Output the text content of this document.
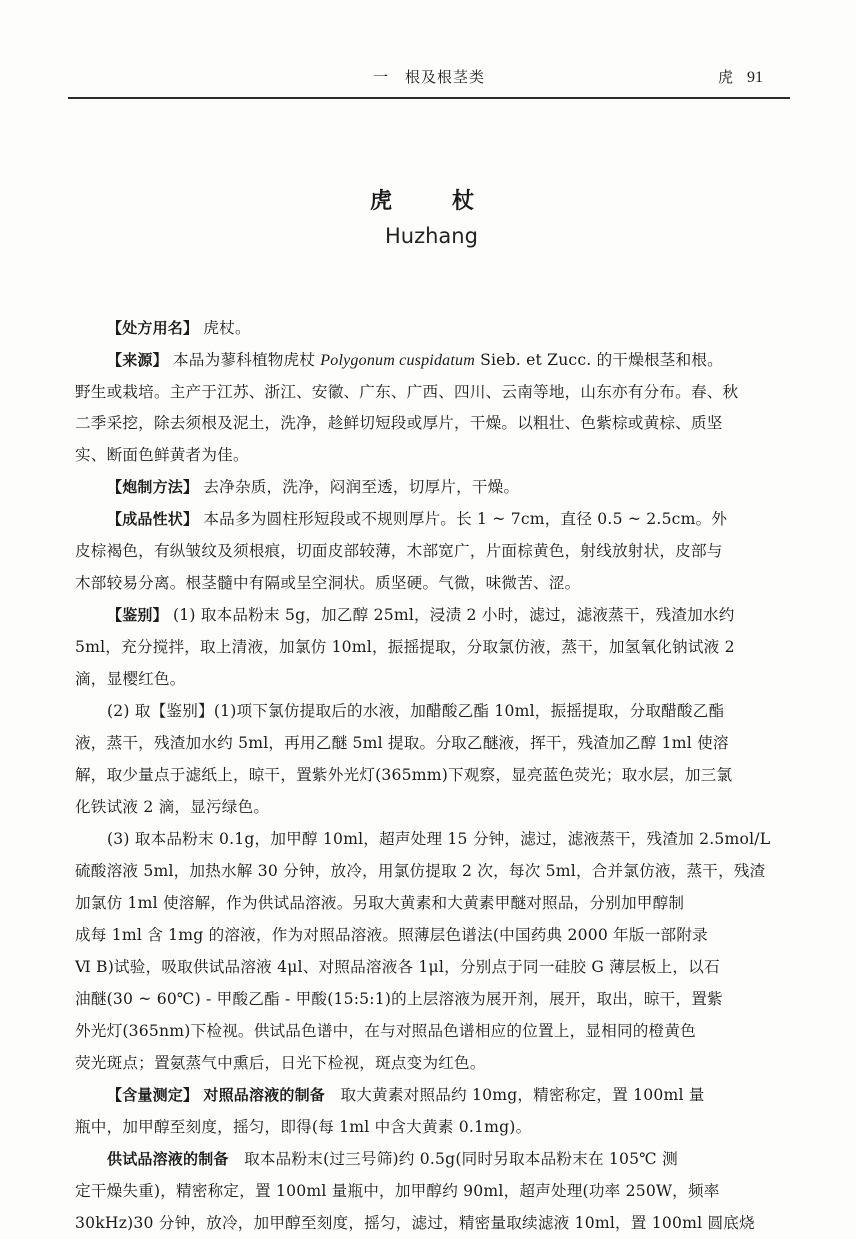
一　根及根茎类	虎 91
虎	杖
Huzhang
【处方用名】 虎杖。
【来源】 本品为蓼科植物虎杖 Polygonum cuspidatum Sieb. et Zucc. 的干燥根茎和根。
野生或栽培。主产于江苏、浙江、安徽、广东、广西、四川、云南等地，山东亦有分布。春、秋
二季采挖，除去须根及泥土，洗净，趁鲜切短段或厚片，干燥。以粗壮、色紫棕或黄棕、质坚
实、断面色鲜黄者为佳。
【炮制方法】 去净杂质，洗净，闷润至透，切厚片，干燥。
【成品性状】 本品多为圆柱形短段或不规则厚片。长 1 ~ 7cm，直径 0.5 ~ 2.5cm。外
皮棕褐色，有纵皱纹及须根痕，切面皮部较薄，木部宽广，片面棕黄色，射线放射状，皮部与
木部较易分离。根茎髓中有隔或呈空洞状。质坚硬。气微，味微苦、涩。
【鉴别】 (1) 取本品粉末 5g，加乙醇 25ml，浸渍 2 小时，滤过，滤液蒸干，残渣加水约
5ml，充分搅拌，取上清液，加氯仿 10ml，振摇提取，分取氯仿液，蒸干，加氢氧化钠试液 2
滴，显樱红色。
(2) 取【鉴别】(1)项下氯仿提取后的水液，加醋酸乙酯 10ml，振摇提取，分取醋酸乙酯
液，蒸干，残渣加水约 5ml，再用乙醚 5ml 提取。分取乙醚液，挥干，残渣加乙醇 1ml 使溶
解，取少量点于滤纸上，晾干，置紫外光灯(365mm)下观察，显亮蓝色荧光；取水层，加三氯
化铁试液 2 滴，显污绿色。
(3) 取本品粉末 0.1g，加甲醇 10ml，超声处理 15 分钟，滤过，滤液蒸干，残渣加 2.5mol/L
硫酸溶液 5ml，加热水解 30 分钟，放冷，用氯仿提取 2 次，每次 5ml，合并氯仿液，蒸干，残渣
加氯仿 1ml 使溶解，作为供试品溶液。另取大黄素和大黄素甲醚对照品，分别加甲醇制
成每 1ml 含 1mg 的溶液，作为对照品溶液。照薄层色谱法(中国药典 2000 年版一部附录
Ⅵ B)试验，吸取供试品溶液 4μl、对照品溶液各 1μl，分别点于同一硅胶 G 薄层板上，以石
油醚(30 ~ 60℃) - 甲酸乙酯 - 甲酸(15:5:1)的上层溶液为展开剂，展开，取出，晾干，置紫
外光灯(365nm)下检视。供试品色谱中，在与对照品色谱相应的位置上，显相同的橙黄色
荧光斑点；置氨蒸气中熏后，日光下检视，斑点变为红色。
【含量测定】 对照品溶液的制备 取大黄素对照品约 10mg，精密称定，置 100ml 量
瓶中，加甲醇至刻度，摇匀，即得(每 1ml 中含大黄素 0.1mg)。
供试品溶液的制备 取本品粉末(过三号筛)约 0.5g(同时另取本品粉末在 105℃ 测
定干燥失重)，精密称定，置 100ml 量瓶中，加甲醇约 90ml，超声处理(功率 250W，频率
30kHz)30 分钟，放冷，加甲醇至刻度，摇匀，滤过，精密量取续滤液 10ml，置 100ml 圆底烧
